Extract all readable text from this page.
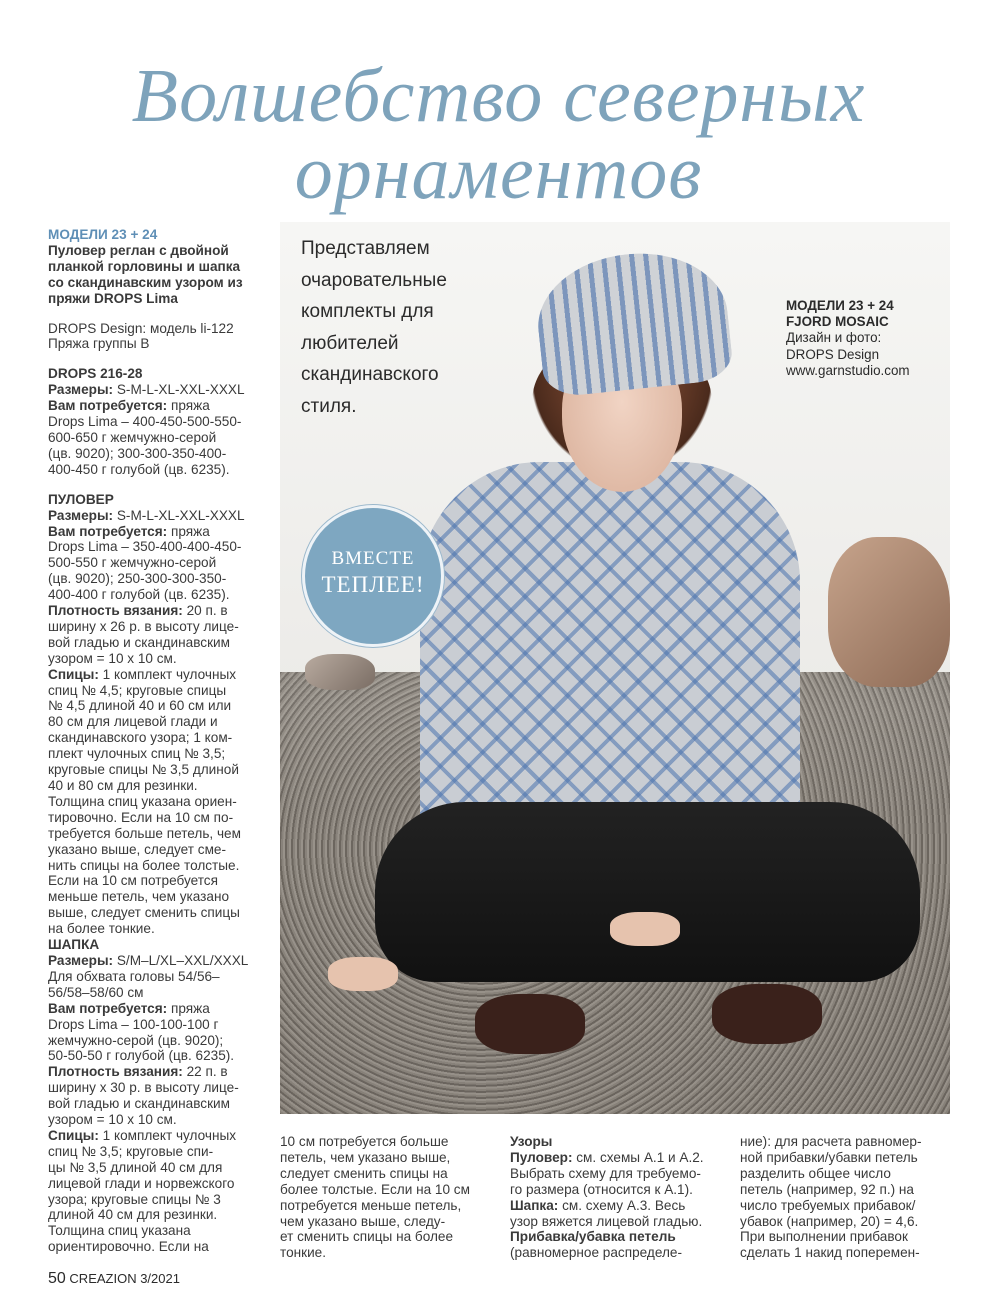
Волшебство северных
орнаментов

МОДЕЛИ 23 + 24

Пуловер реглан с двойной

планкой горловины и шапка

со скандинавским узором из

пряжи DROPS Lima

DROPS Design: модель li-122

Пряжа группы B

DROPS 216-28

Размеры: S-M-L-XL-XXL-XXXL

Вам потребуется: пряжа

Drops Lima – 400-450-500-550-

600-650 г жемчужно-серой

(цв. 9020); 300-300-350-400-

400-450 г голубой (цв. 6235).

ПУЛОВЕР

Размеры: S-M-L-XL-XXL-XXXL

Вам потребуется: пряжа

Drops Lima – 350-400-400-450-

500-550 г жемчужно-серой

(цв. 9020); 250-300-300-350-

400-400 г голубой (цв. 6235).

Плотность вязания: 20 п. в

ширину х 26 р. в высоту лице-

вой гладью и скандинавским

узором = 10 х 10 см.

Спицы: 1 комплект чулочных

спиц № 4,5; круговые спицы

№ 4,5 длиной 40 и 60 см или

80 см для лицевой глади и

скандинавского узора; 1 ком-

плект чулочных спиц № 3,5;

круговые спицы № 3,5 длиной

40 и 80 см для резинки.

Толщина спиц указана ориен-

тировочно. Если на 10 см по-

требуется больше петель, чем

указано выше, следует сме-

нить спицы на более толстые.

Если на 10 см потребуется

меньше петель, чем указано

выше, следует сменить спицы

на более тонкие.

ШАПКА

Размеры: S/M–L/XL–XXL/XXXL

Для обхвата головы 54/56–

56/58–58/60 см

Вам потребуется: пряжа

Drops Lima – 100-100-100 г

жемчужно-серой (цв. 9020);

50-50-50 г голубой (цв. 6235).

Плотность вязания: 22 п. в

ширину х 30 р. в высоту лице-

вой гладью и скандинавским

узором = 10 х 10 см.

Спицы: 1 комплект чулочных

спиц № 3,5; круговые спи-

цы № 3,5 длиной 40 см для

лицевой глади и норвежского

узора; круговые спицы № 3

длиной 40 см для резинки.

Толщина спиц указана

ориентировочно. Если на

Представляем
очаровательные
комплекты для
любителей
скандинавского
стиля.
МОДЕЛИ 23 + 24
FJORD MOSAIC
Дизайн и фото:
DROPS Design
www.garnstudio.com
ВМЕСТЕ
ТЕПЛЕЕ!

10 см потребуется больше

петель, чем указано выше,

следует сменить спицы на

более толстые. Если на 10 см

потребуется меньше петель,

чем указано выше, следу-

ет сменить спицы на более

тонкие.

Узоры

Пуловер: см. схемы А.1 и А.2.

Выбрать схему для требуемо-

го размера (относится к А.1).

Шапка: см. схему А.3. Весь

узор вяжется лицевой гладью.

Прибавка/убавка петель

(равномерное распределе-

ние): для расчета равномер-

ной прибавки/убавки петель

разделить общее число

петель (например, 92 п.) на

число требуемых прибавок/

убавок (например, 20) = 4,6.

При выполнении прибавок

сделать 1 накид поперемен-

50 CREAZION 3/2021
